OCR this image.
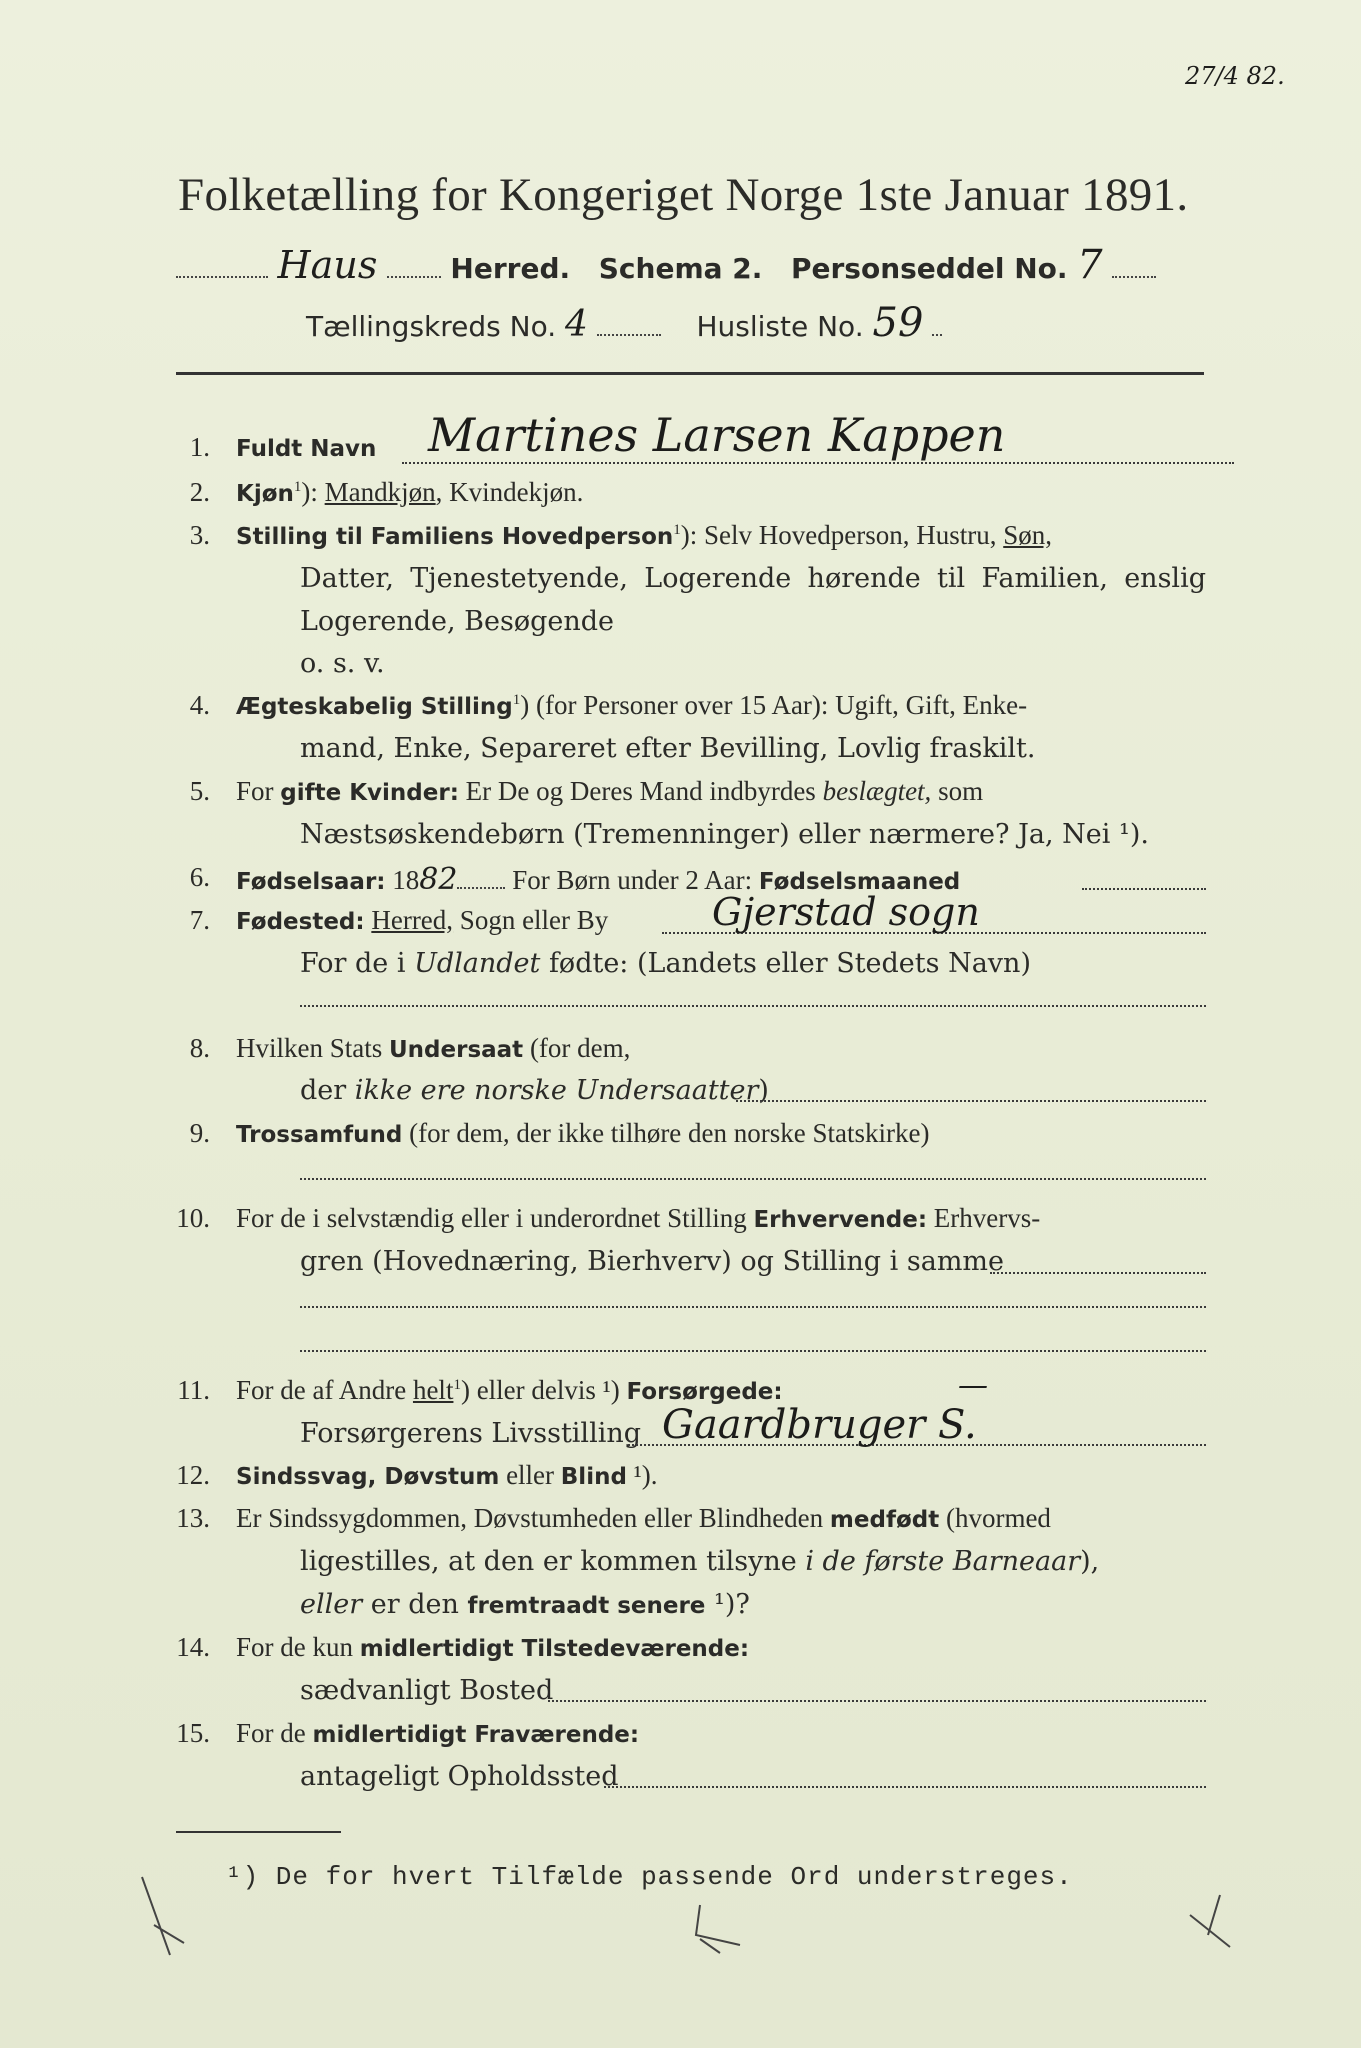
27/4 82.
Folketælling for Kongeriget Norge 1ste Januar 1891.
Haus	Herred. Schema 2. Personseddel No. 7
Tællingskreds No. 4	Husliste No. 59
1. Fuldt Navn Martines Larsen Kappen
2. Kjøn$^1$): Mandkjøn, Kvindekjøn.
3. Stilling til Familiens Hovedperson$^1$): Selv Hovedperson, Hustru, Søn,
Datter, Tjenestetyende, Logerende hørende til Familien, enslig
Logerende, Besøgende
o. s. v.
4. Ægteskabelig Stilling$^1$) (for Personer over 15 Aar): Ugift, Gift, Enke-
mand, Enke, Separeret efter Bevilling, Lovlig fraskilt.
5. For gifte Kvinder: Er De og Deres Mand indbyrdes beslægtet, som
Næstsøskendebørn (Tremenninger) eller nærmere? Ja, Nei ¹).
6. Fødselsaar: 1882 For Børn under 2 Aar: Fødselsmaaned
7. Fødested: Herred, Sogn eller By	Gjerstad sogn
For de i Udlandet fødte: (Landets eller Stedets Navn)
8. Hvilken Stats Undersaat (for dem,
der ikke ere norske Undersaatter)
9. Trossamfund (for dem, der ikke tilhøre den norske Statskirke)
10. For de i selvstændig eller i underordnet Stilling Erhvervende: Erhvervs-
gren (Hovednæring, Bierhverv) og Stilling i samme
11. For de af Andre helt$^1$) eller delvis ¹) Forsørgede:	—
Forsørgerens Livsstilling Gaardbruger S.
12. Sindssvag, Døvstum eller Blind ¹).
13. Er Sindssygdommen, Døvstumheden eller Blindheden medfødt (hvormed
ligestilles, at den er kommen tilsyne i de første Barneaar),
eller er den fremtraadt senere ¹)?
14. For de kun midlertidigt Tilstedeværende:
sædvanligt Bosted
15. For de midlertidigt Fraværende:
antageligt Opholdssted
¹) De for hvert Tilfælde passende Ord understreges.
